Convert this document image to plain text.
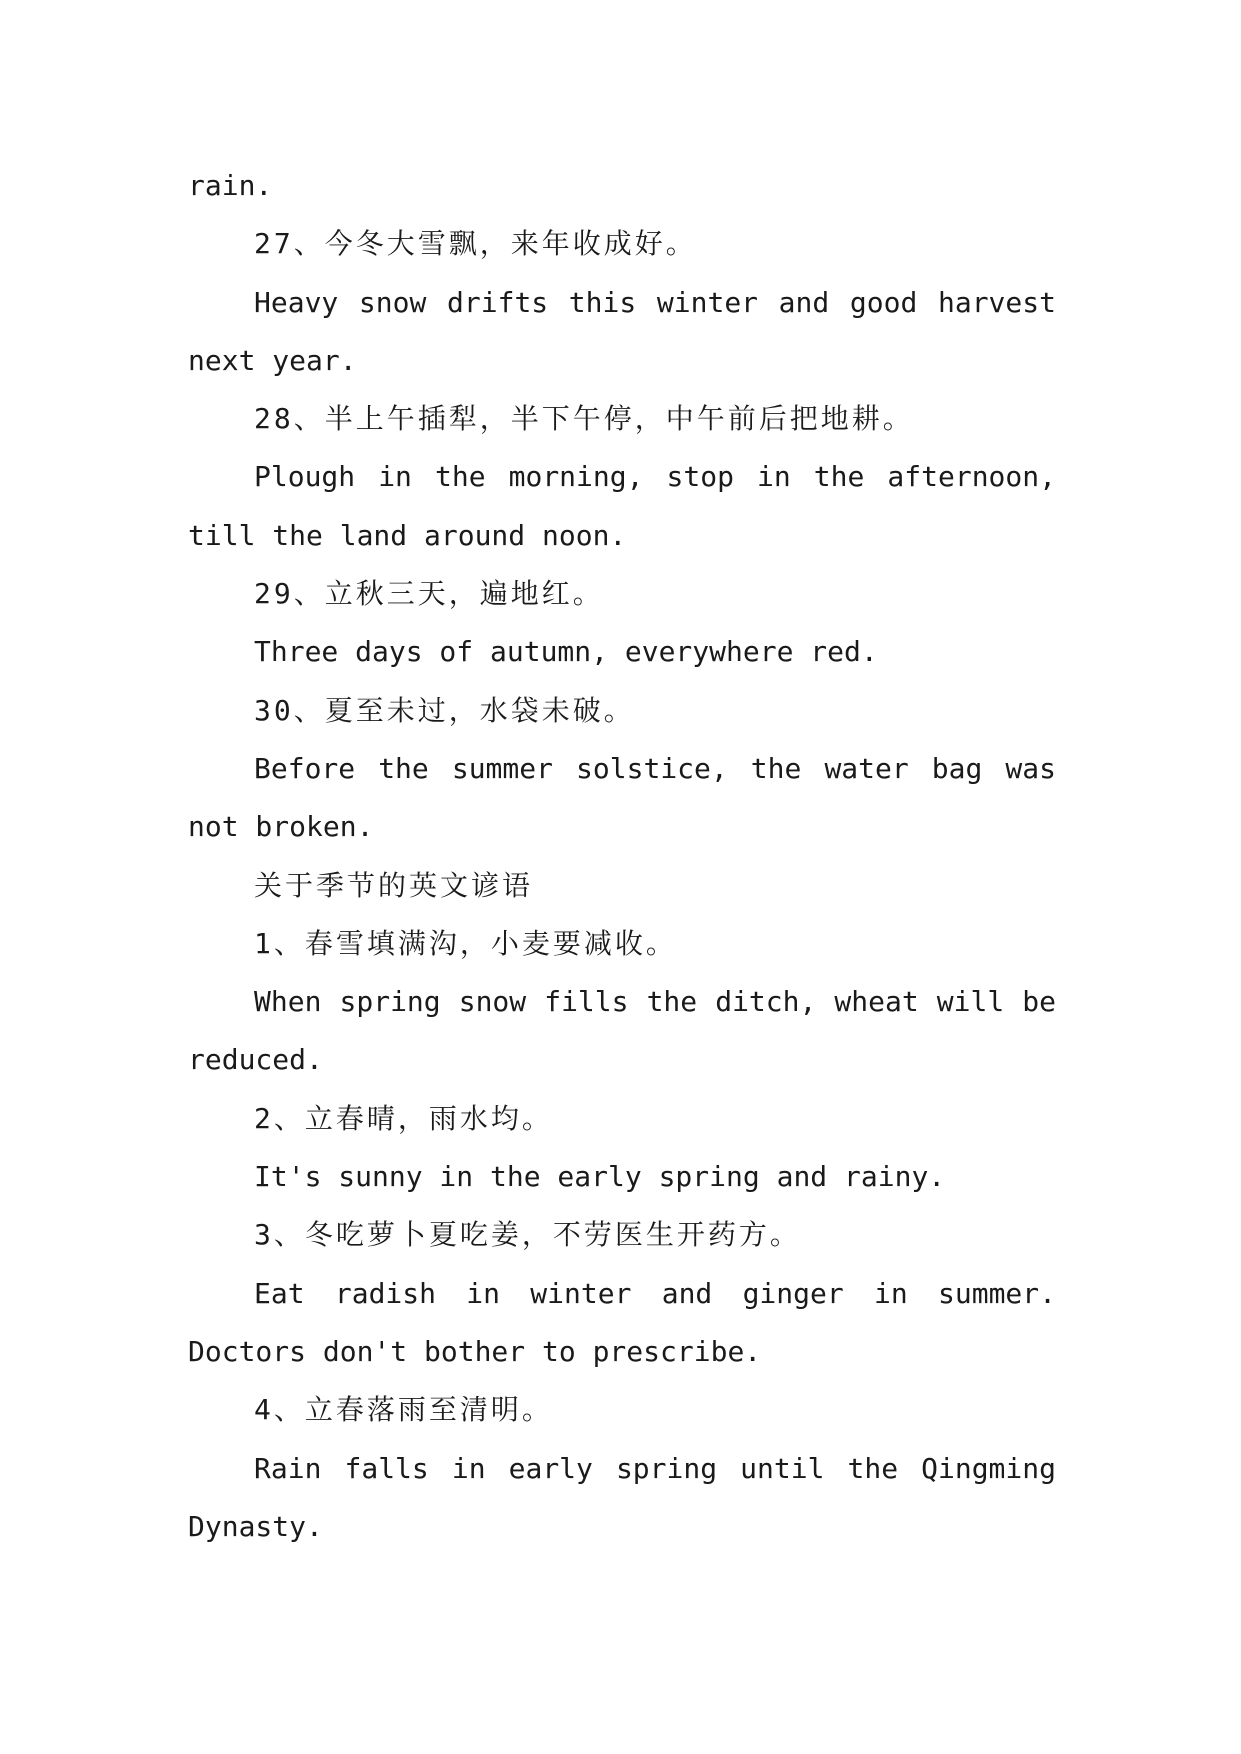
rain.
27、今冬大雪飘，来年收成好。
Heavy snow drifts this winter and good harvest
next year.
28、半上午插犁，半下午停，中午前后把地耕。
Plough in the morning, stop in the afternoon,
till the land around noon.
29、立秋三天，遍地红。
Three days of autumn, everywhere red.
30、夏至未过，水袋未破。
Before the summer solstice, the water bag was
not broken.
关于季节的英文谚语
1、春雪填满沟，小麦要减收。
When spring snow fills the ditch, wheat will be
reduced.
2、立春晴，雨水均。
It's sunny in the early spring and rainy.
3、冬吃萝卜夏吃姜，不劳医生开药方。
Eat radish in winter and ginger in summer.
Doctors don't bother to prescribe.
4、立春落雨至清明。
Rain falls in early spring until the Qingming
Dynasty.
